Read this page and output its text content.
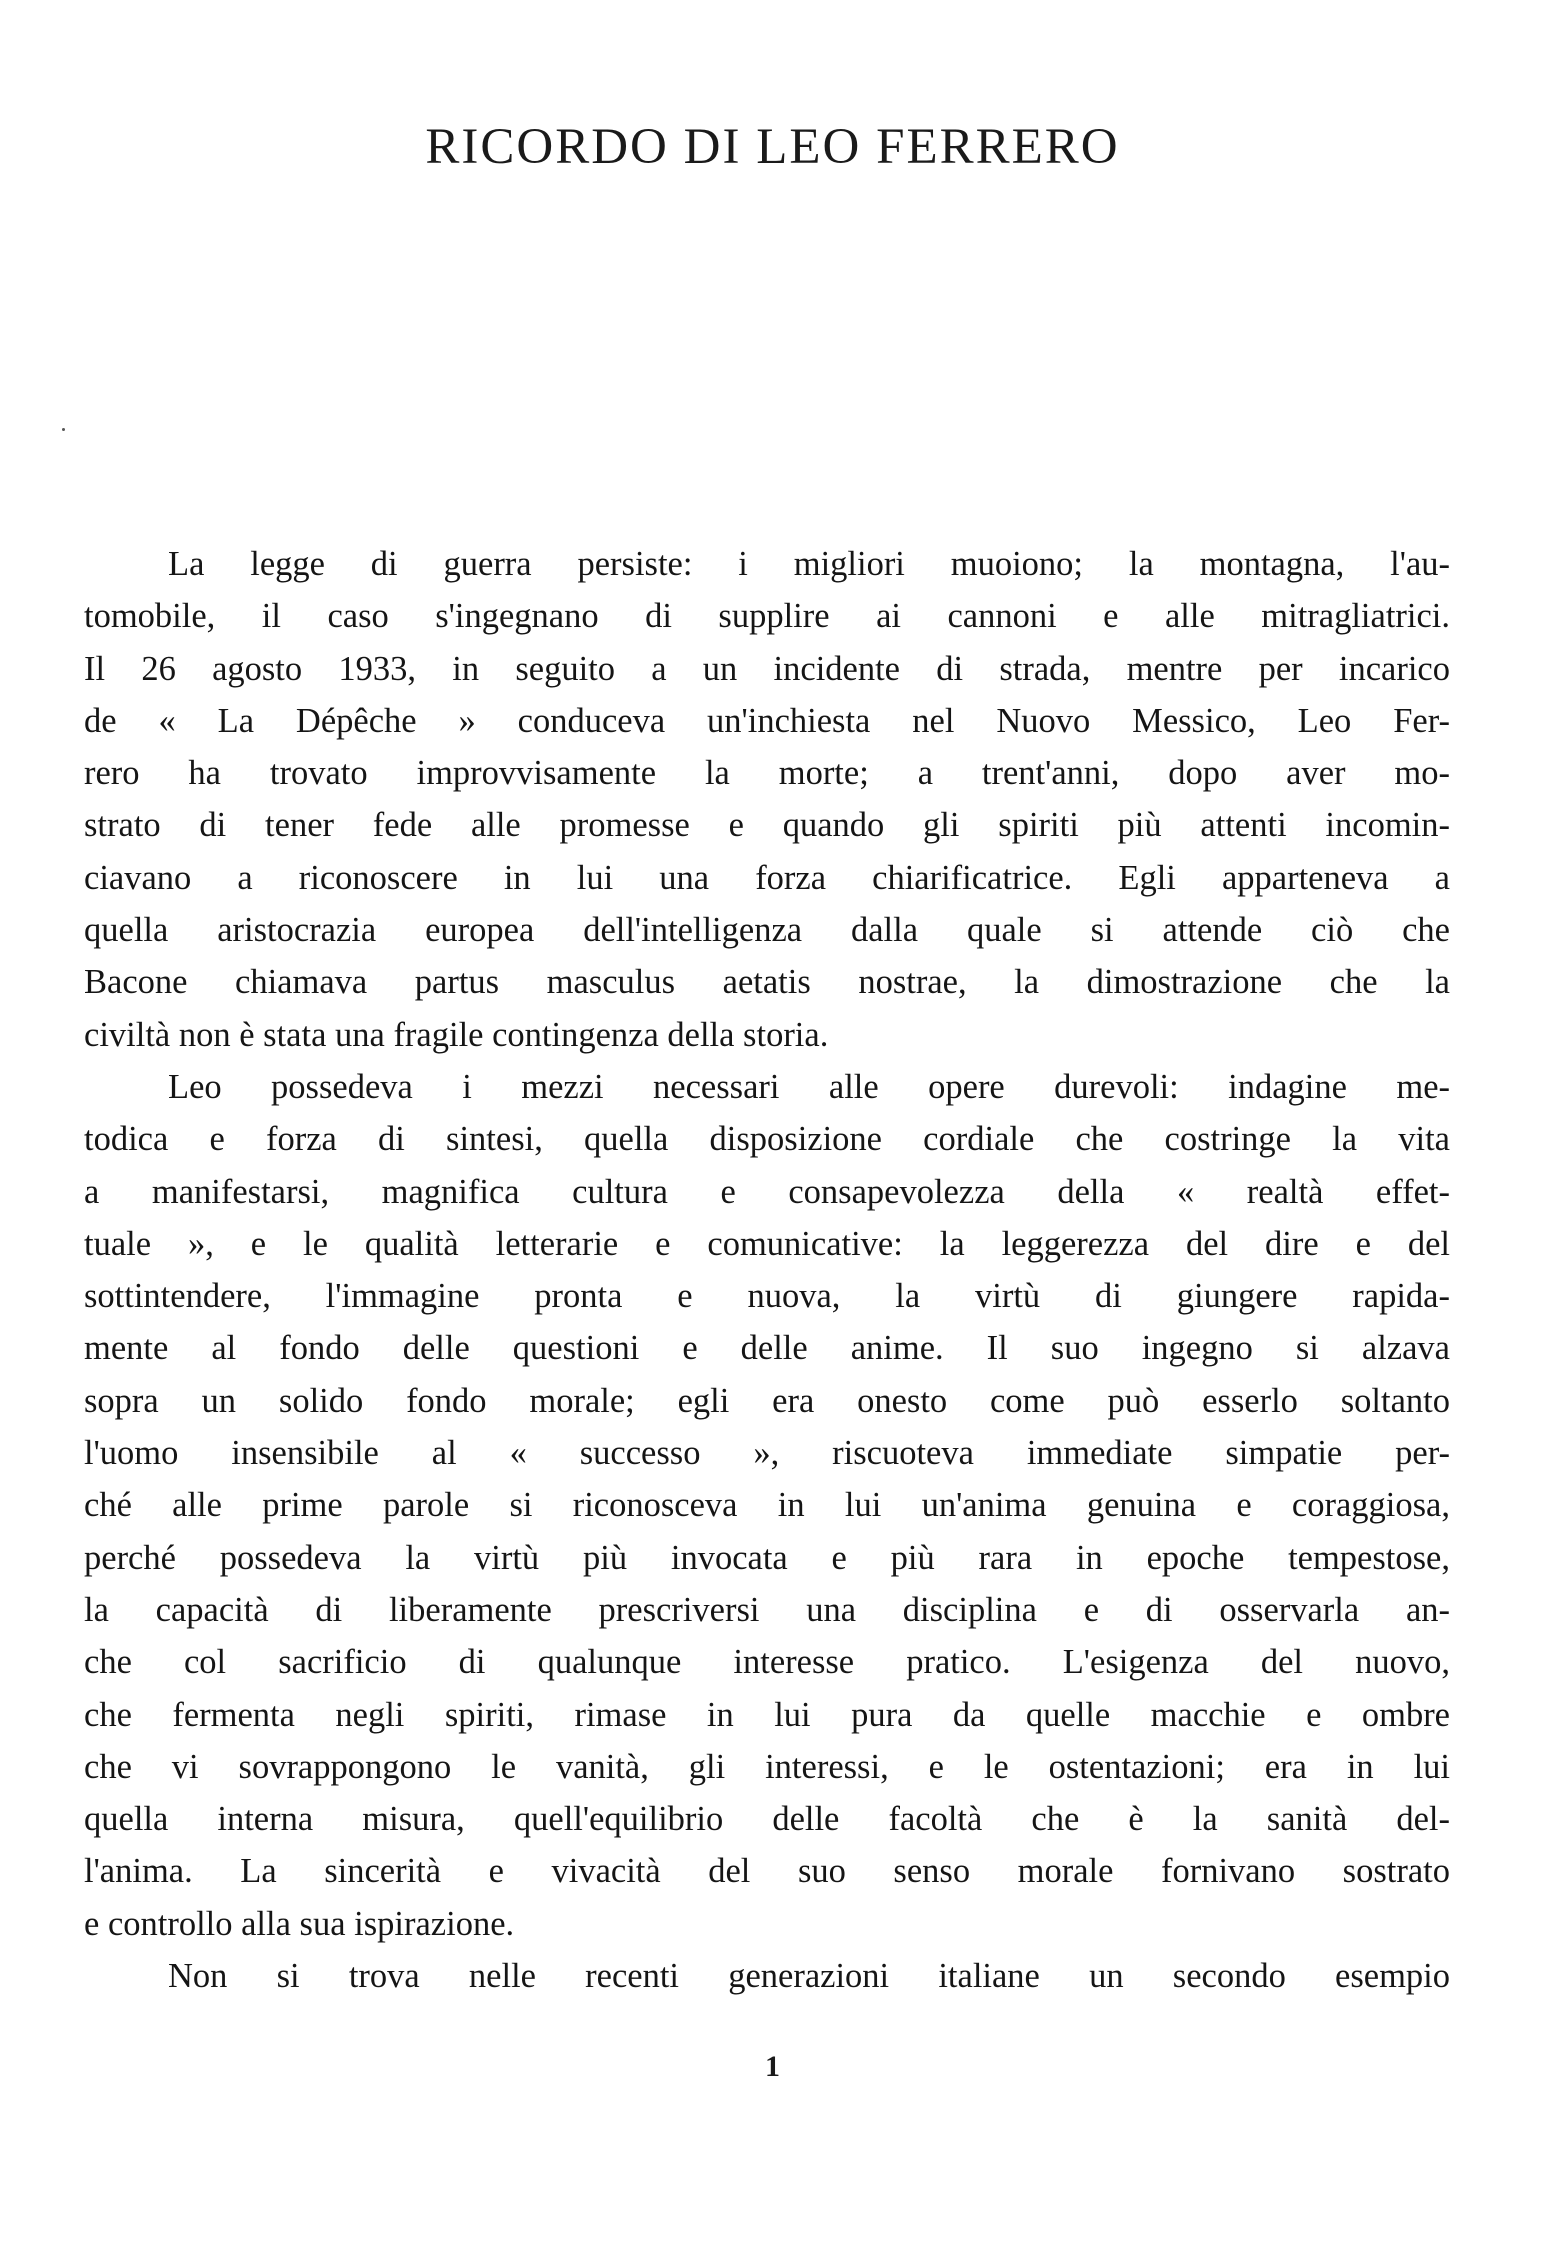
RICORDO DI LEO FERRERO
La legge di guerra persiste: i migliori muoiono; la montagna, l'au-
tomobile, il caso s'ingegnano di supplire ai cannoni e alle mitragliatrici.
Il 26 agosto 1933, in seguito a un incidente di strada, mentre per incarico
de « La Dépêche » conduceva un'inchiesta nel Nuovo Messico, Leo Fer-
rero ha trovato improvvisamente la morte; a trent'anni, dopo aver mo-
strato di tener fede alle promesse e quando gli spiriti più attenti incomin-
ciavano a riconoscere in lui una forza chiarificatrice. Egli apparteneva a
quella aristocrazia europea dell'intelligenza dalla quale si attende ciò che
Bacone chiamava partus masculus aetatis nostrae, la dimostrazione che la
civiltà non è stata una fragile contingenza della storia.
Leo possedeva i mezzi necessari alle opere durevoli: indagine me-
todica e forza di sintesi, quella disposizione cordiale che costringe la vita
a manifestarsi, magnifica cultura e consapevolezza della « realtà effet-
tuale », e le qualità letterarie e comunicative: la leggerezza del dire e del
sottintendere, l'immagine pronta e nuova, la virtù di giungere rapida-
mente al fondo delle questioni e delle anime. Il suo ingegno si alzava
sopra un solido fondo morale; egli era onesto come può esserlo soltanto
l'uomo insensibile al « successo », riscuoteva immediate simpatie per-
ché alle prime parole si riconosceva in lui un'anima genuina e coraggiosa,
perché possedeva la virtù più invocata e più rara in epoche tempestose,
la capacità di liberamente prescriversi una disciplina e di osservarla an-
che col sacrificio di qualunque interesse pratico. L'esigenza del nuovo,
che fermenta negli spiriti, rimase in lui pura da quelle macchie e ombre
che vi sovrappongono le vanità, gli interessi, e le ostentazioni; era in lui
quella interna misura, quell'equilibrio delle facoltà che è la sanità del-
l'anima. La sincerità e vivacità del suo senso morale fornivano sostrato
e controllo alla sua ispirazione.
Non si trova nelle recenti generazioni italiane un secondo esempio
1
